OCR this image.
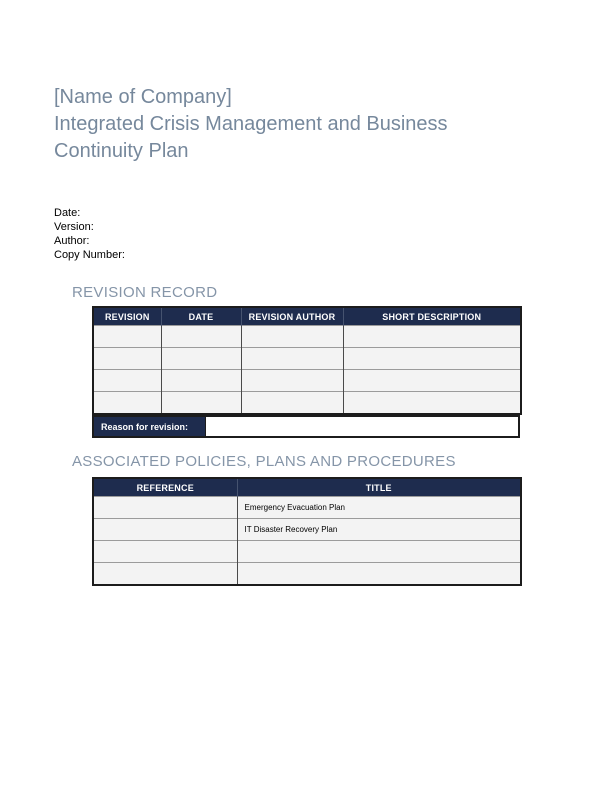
[Name of Company]
Integrated Crisis Management and Business Continuity Plan
Date:
Version:
Author:
Copy Number:
REVISION RECORD
REVISION	DATE	REVISION AUTHOR	SHORT DESCRIPTION

Reason for revision:
ASSOCIATED POLICIES, PLANS AND PROCEDURES
REFERENCE	TITLE
	Emergency Evacuation Plan
	IT Disaster Recovery Plan
